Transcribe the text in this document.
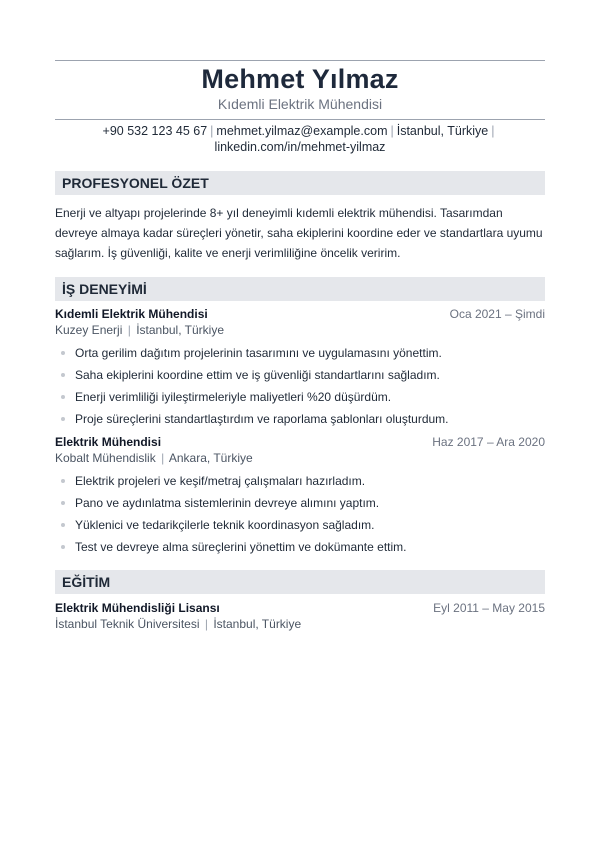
Mehmet Yılmaz
Kıdemli Elektrik Mühendisi
+90 532 123 45 67 | mehmet.yilmaz@example.com | İstanbul, Türkiye |
linkedin.com/in/mehmet-yilmaz
PROFESYONEL ÖZET
Enerji ve altyapı projelerinde 8+ yıl deneyimli kıdemli elektrik mühendisi. Tasarımdan devreye almaya kadar süreçleri yönetir, saha ekiplerini koordine eder ve standartlara uyumu sağlarım. İş güvenliği, kalite ve enerji verimliliğine öncelik veririm.
İŞ DENEYİMİ
Kıdemli Elektrik Mühendisi	Oca 2021 – Şimdi
Kuzey Enerji | İstanbul, Türkiye
Orta gerilim dağıtım projelerinin tasarımını ve uygulamasını yönettim.
Saha ekiplerini koordine ettim ve iş güvenliği standartlarını sağladım.
Enerji verimliliği iyileştirmeleriyle maliyetleri %20 düşürdüm.
Proje süreçlerini standartlaştırdım ve raporlama şablonları oluşturdum.
Elektrik Mühendisi	Haz 2017 – Ara 2020
Kobalt Mühendislik | Ankara, Türkiye
Elektrik projeleri ve keşif/metraj çalışmaları hazırladım.
Pano ve aydınlatma sistemlerinin devreye alımını yaptım.
Yüklenici ve tedarikçilerle teknik koordinasyon sağladım.
Test ve devreye alma süreçlerini yönettim ve dokümante ettim.
EĞİTİM
Elektrik Mühendisliği Lisansı	Eyl 2011 – May 2015
İstanbul Teknik Üniversitesi | İstanbul, Türkiye
